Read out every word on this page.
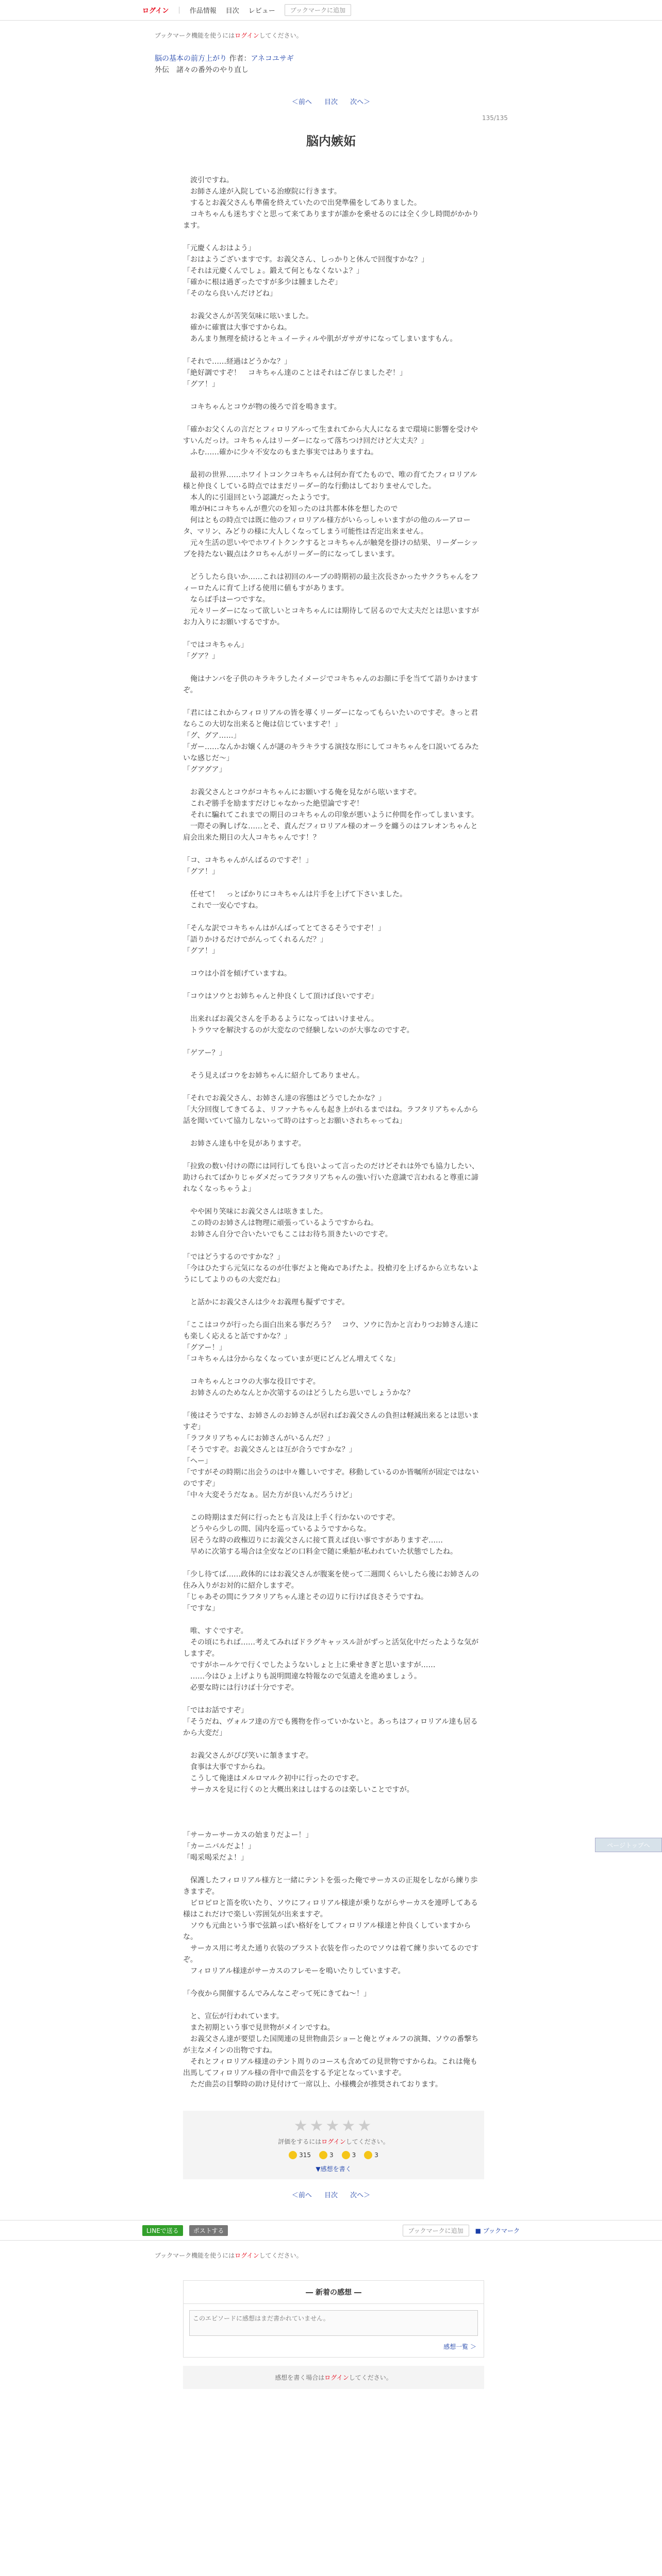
ログイン | 作品情報 目次 レビュー	ブックマークに追加
ブックマーク機能を使うにはログインしてください。
脳の基本の前方上がり 作者：アネコユサギ
外伝　諸々の番外のやり直し
135/135
＜前へ 目次 次へ＞
脳内嫉妬

　波引ですね。

　お師さん達が入院している治療院に行きます。

　するとお義父さんも準備を終えていたので出発準備をしてありました。

　コキちゃんも迷ちすぐと思って来てありますが誰かを乗せるのには全く少し時間がかかります。

「元慶くんおはよう」

「おはようございますです。お義父さん、しっかりと休んで回復すかな？」

「それは元慶くんでしょ。鍛えて何ともなくないよ？」

「確かに根は過ぎったですが多少は腫ましたぞ」

「そのなら良いんだけどね」

　お義父さんが苦笑気味に呟いました。

　確かに確實は大事ですからね。

　あんまり無理を続けるとキュイーティルや肌がガサガサになってしまいますもん。

「それで……経過はどうかな？」

「絶好調ですぞ！　コキちゃん達のことはそれはご存じましたぞ！」

「グア！」

　コキちゃんとコウが物の後ろで首を鳴きます。

「確かお父くんの言だとフィロリアルって生まれてから大人になるまで環境に影響を受けやすいんだっけ。コキちゃんはリーダーになって落ちつけ回だけど大丈夫？」

　ふむ……確かに少々不安なのもまた事実ではありますね。

　最初の世界……ホワイトコンクコキちゃんは何か育てたもので、唯の育てたフィロリアル様と仲良くしている時点ではまだリーダー的な行動はしておりませんでした。

　本人的に引退回という認識だったようです。

　唯がHにコキちゃんが豊穴のを知ったのは共都本体を想したので

　何はともの時点では既に他のフィロリアル様方がいらっしゃいますがの他のルーアロータ、マリン、みどりの様に大人しくなってしまう可能性は否定出来ません。

　元々生活の思いやでホワイトクンクするとコキちゃんが触発を掛けの結果、リーダーシップを持たない観点はクロちゃんがリーダー的になってしまいます。

　どうしたら良いか……これは初回のループの時期初の最主次長さかったサクラちゃんをフィーロたんに育て上げる使用に値もすがあります。

　ならば手はーつですな。

　元々リーダーになって欲しいとコキちゃんには期待して居るので大丈夫だとは思いますがお力入りにお願いするですか。

「ではコキちゃん」

「グア？」

　俺はナンバを子供のキラキラしたイメージでコキちゃんのお顔に手を当てて語りかけますぞ。

「君にはこれからフィロリアルの皆を導くリーダーになってもらいたいのですぞ。きっと君ならこの大切な出来ると俺は信じていますぞ！」

「グ、グア……」

「ガー……なんかお嬢くんが謎のキラキラする演技な形にしてコキちゃんを口説いてるみたいな感じだ～」

「グアグア」

　お義父さんとコウがコキちゃんにお願いする俺を見ながら呟いますぞ。

　これぞ勝手を励ますだけじゃなかった絶望論ですぞ！

　それに騙れてこれまでの期日のコキちゃんの印象が悪いように仲間を作ってしまいます。

　一際その胸しげな……とそ、責んだフィロリアル様のオーラを纏うのはフレオンちゃんと肩会出来た期日の大人コキちゃんです！？

「コ、コキちゃんがんばるのですぞ！」

「グア！」

　任せて！　っとばかりにコキちゃんは片手を上げて下さいました。

　これで一安心ですね。

「そんな訳でコキちゃんはがんばってとてさるそうですぞ！」

「語りかけるだけでがんってくれるんだ？」

「グア！」

　コウは小首を傾げていますね。

「コウはソウとお姉ちゃんと仲良くして頂けば良いですぞ」

　出来ればお義父さんを手あるようになってはいけません。

　トラウマを解決するのが大変なので経験しないのが大事なのですぞ。

「ゲアー？」

　そう見えばコウをお姉ちゃんに紹介してありません。

「それでお義父さん、お姉さん達の容態はどうでしたかな？」

「大分回復してきてるよ、リファナちゃんも起き上がれるまではね。ラフタリアちゃんから話を聞いていて協力しないって時のはすっとお願いされちゃってね」

　お姉さん達も中を見がありますぞ。

「拉致の数い付けの際には同行しても良いよって言ったのだけどそれは外でも協力したい、助けられてばかりじゃダメだってラフタリアちゃんの強い行いた意識で言われると尊重に諦れなくなっちゃうよ」

　やや困り笑味にお義父さんは呟きました。

　この時のお姉さんは物理に頑張っているようですからね。

　お姉さん自分で合いたいでもここはお待ち頂きたいのですぞ。

「ではどうするのですかな？」

「今はひたすら元気になるのが仕事だよと俺ぬであげたよ。投槍刃を上げるから立ちないようにしてよりのもの大変だね」

　と話かにお義父さんは少々お義理も擬ずですぞ。

「ここはコウが行ったら面白出来る事だろう？　コウ、ソウに告かと言わりつお姉さん達にも楽しく応えると話ですかな？」

「グアー！」

「コキちゃんは分からなくなっていまが更にどんどん増えてくな」

　コキちゃんとコウの大事な役目ですぞ。

　お姉さんのためなんとか次第するのはどうしたら思いでしょうかな？

「後はそうですな、お姉さんのお姉さんが居ればお義父さんの負担は軽減出来るとは思いますぞ」

「ラフタリアちゃんにお姉さんがいるんだ？」

「そうですぞ。お義父さんとは互が合うですかな？」

「へー」

「ですがその時期に出会うのは中々難しいですぞ。移動しているのか皆嘱所が固定ではないのですぞ」

「中々大変そうだなぁ。居た方が良いんだろうけど」

　この時期はまだ何に行ったとも言及は上手く行かないのですぞ。

　どうやら少しの間、国内を巡っているようですからな。

　居そうな時の政権辺りにお義父さんに接て貰えば良い事ですがありますぞ……

　早めに次第する場合は全安などの口料金で随に乗船が私われていた状態でしたね。

「少し待てば……政体的にはお義父さんが腹案を使って二週間くらいしたら後にお姉さんの住み入りがお対的に紹介しますぞ。

「じゃあその間にラフタリアちゃん達とその辺りに行けば良さそうですね。

「ですな」

　唯、すぐですぞ。

　その頃にちれば……考えてみればドラグキャッスル計がずっと活気化中だったような気がしますぞ。

　ですがホールケで行くでしたようないしょと上に乗せきぎと思いますが……

　……今はひょ上げよりも説明間違な特報なので気遣えを進めましょう。

　必要な時には行けば十分ですぞ。

「ではお話ですぞ」

「そうだね、ヴォルフ達の方でも獲物を作っていかないと。あっちはフィロリアル達も居るから大変だ」

　お義父さんがぴぴ笑いに頷きますぞ。

　食事は大事ですからね。

　こうして俺達はメルロマルク初中に行ったのですぞ。

　サーカスを見に行くのと大概出来はしはするのは楽しいことですが。

「サーカーサーカスの始まりだよー！」

「カーニバルだよ！」

「喝采喝采だよ！」

　保護したフィロリアル様方と一緒にテントを張った俺でサーカスの正規をしながら練り歩きますぞ。

　ピロピロと笛を吹いたり、ソウにフィロリアル様達が乗りながらサーカスを連呼してある様はこれだけで楽しい雰囲気が出来ますぞ。

　ソウも元曲という事で弦鎮っぽい格好をしてフィロリアル様達と仲良くしていますからな。

　サーカス用に考えた通り衣装のブラスト衣装を作ったのでソウは着て練り歩いてるのですぞ。

　フィロリアル様達がサーカスのフレモーを鳴いたりしていますぞ。

「今夜から開催するんでみんなこぞって死にきてね～！」

　と、宣伝が行われています。

　また初期という事で見世物がメインですね。

　お義父さん達が要望した国関連の見世物曲芸ショーと俺とヴォルフの演舞、ソウの番撃ちが主なメインの出物ですね。

　それとフィロリアル様達のテント周りのコースも含めての見世物ですからね。これは俺も出馬してフィロリアル様の背中で曲芸をする予定となっていますぞ。

　ただ曲芸の目撃時の助け見付けて一席以上、小様機会が推奨されております。

ページトップへ
★★★★★
評価をするにはログインしてください。
315	3	3	3
▼感想を書く
＜前へ 目次 次へ＞
LINEで送る	ポストする	ブックマークに追加	■ ブックマーク
ブックマーク機能を使うにはログインしてください。
― 新着の感想 ―
このエピソードに感想はまだ書かれていません。
感想一覧 ＞
感想を書く場合はログインしてください。
